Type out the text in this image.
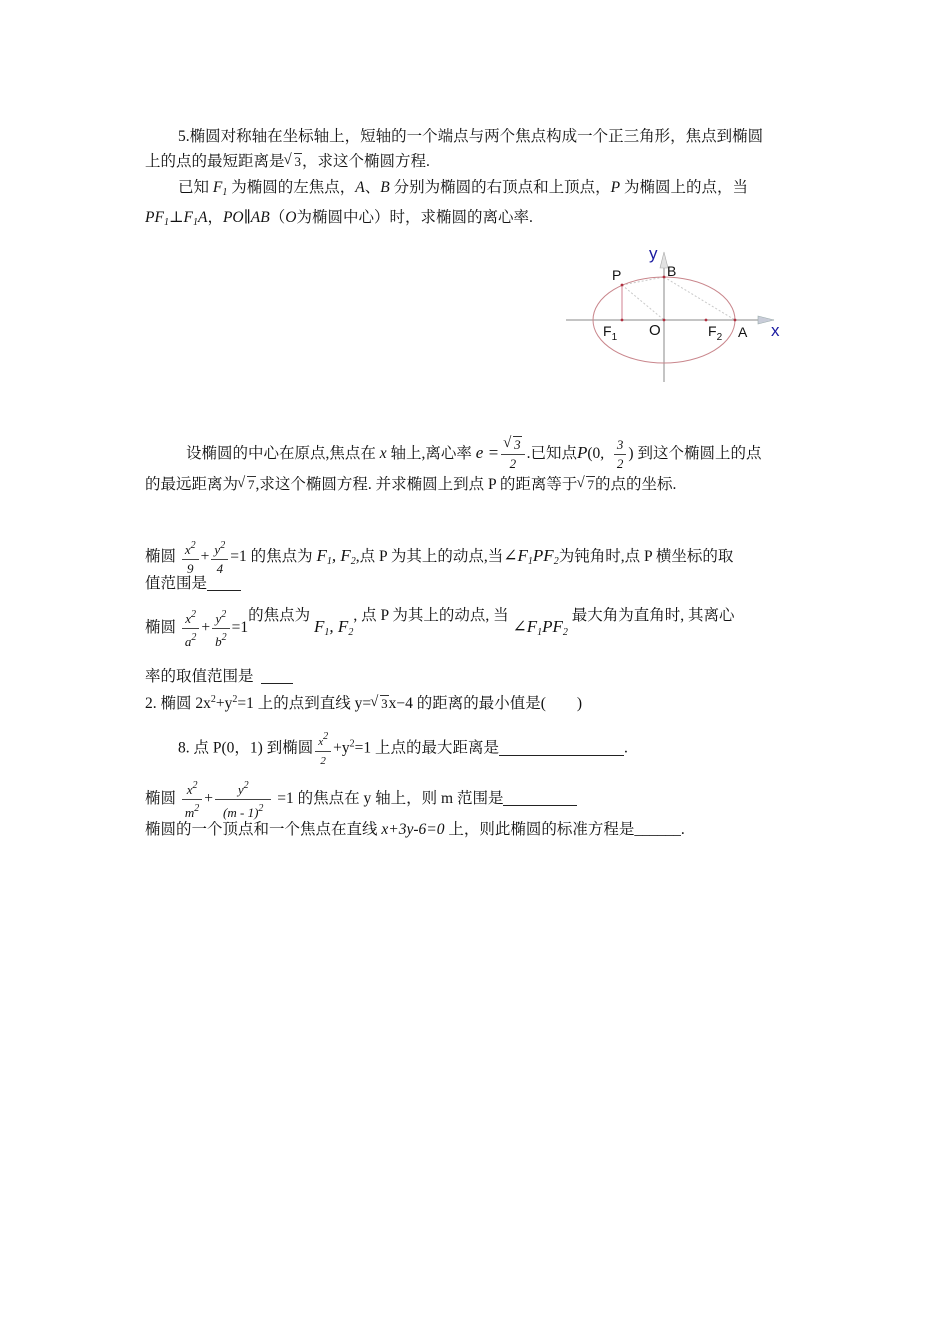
5.椭圆对称轴在坐标轴上，短轴的一个端点与两个焦点构成一个正三角形，焦点到椭圆
上的点的最短距离是 √ 3，求这个椭圆方程.
已知 $F_1$ 为椭圆的左焦点，A、B 分别为椭圆的右顶点和上顶点，P 为椭圆上的点，当
$PF_1\perp F_1A$，PO∥AB（O为椭圆中心）时，求椭圆的离心率.
y
x
P	B
$F_1$ O	$F_2$ A
设椭圆的中心在原点,焦点在 x 轴上,离心率 e = √ $\frac{3}{2}$ .已知点P(0, $\frac{3}{2}$ ) 到这个椭圆上的点
的最远距离为 √ 7,求这个椭圆方程. 并求椭圆上到点 P 的距离等于 √ 7的点的坐标.
椭圆 $\frac{x^2}{9} + \frac{y^2}{4} =1$ 的焦点为 $F_1$, $F_2$,点 P 为其上的动点,当$\angle F_1PF_2$为钝角时,点 P 横坐标的取
值范围是
椭圆 $\frac{x^2}{a^2} + \frac{y^2}{b^2} =1$的焦点为 $F_1$, $F_2$, 点 P 为其上的动点, 当 $\angle F_1PF_2$ 最大角为直角时, 其离心
率的取值范围是
2. 椭圆 $2x^2+y^2=1$ 上的点到直线 y= √ 3x−4 的距离的最小值是(　　)
8. 点 P(0，1) 到椭圆 $\frac{x2}{2} +y^2=1$ 上点的最大距离是	.
椭圆 $\frac{x^2}{m^2} + \frac{y^2}{(m - 1)^2} =1$ 的焦点在 y 轴上，则 m 范围是
椭圆的一个顶点和一个焦点在直线 x+3y-6=0 上，则此椭圆的标准方程是______.
